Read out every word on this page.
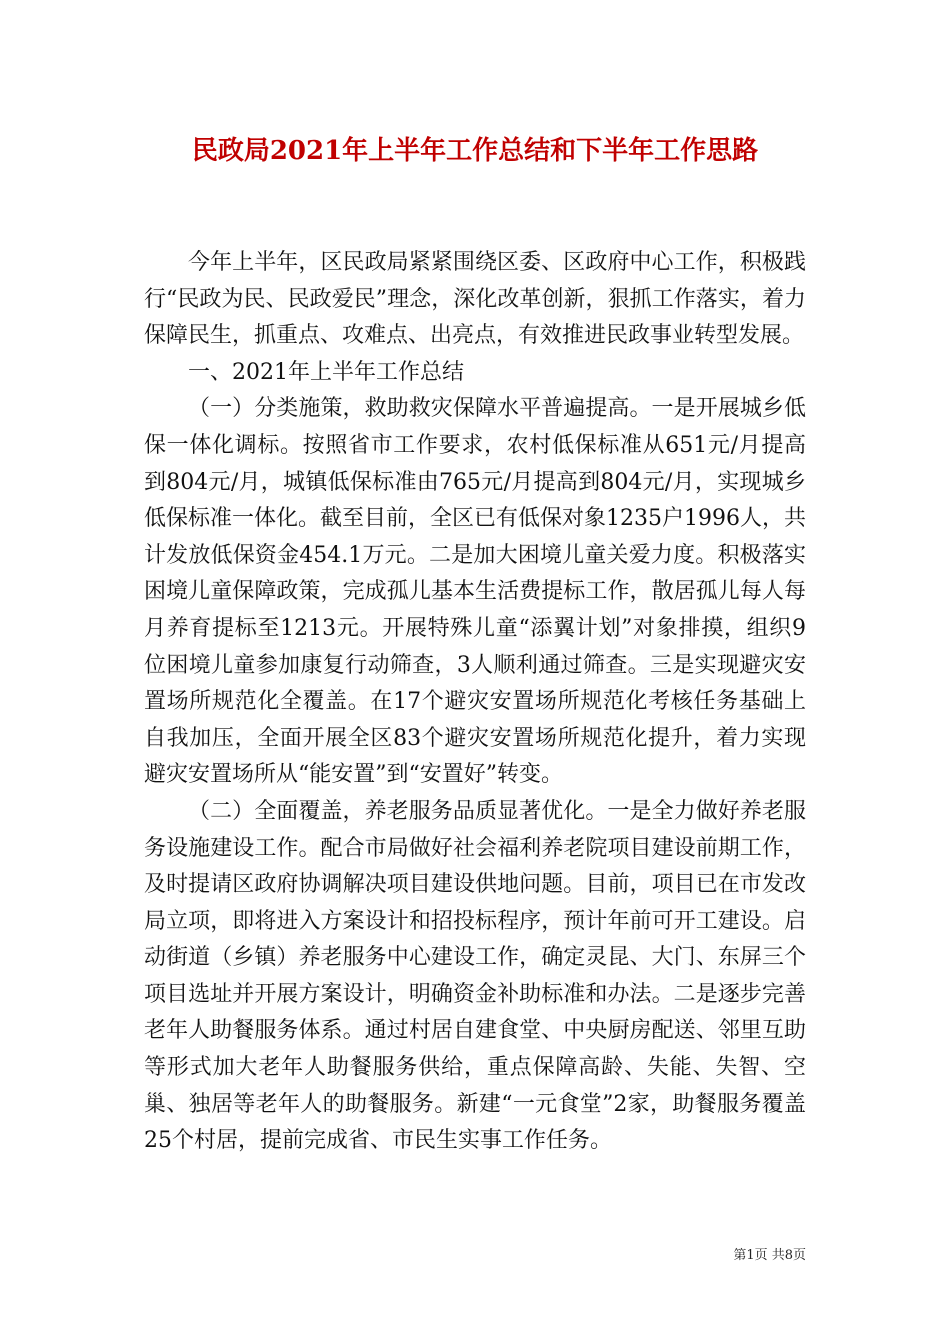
民政局2021年上半年工作总结和下半年工作思路

今年上半年，区民政局紧紧围绕区委、区政府中心工作，积极践行“民政为民、民政爱民”理念，深化改革创新，狠抓工作落实，着力保障民生，抓重点、攻难点、出亮点，有效推进民政事业转型发展。

一、2021年上半年工作总结

（一）分类施策，救助救灾保障水平普遍提高。一是开展城乡低保一体化调标。按照省市工作要求，农村低保标准从651元/月提高到804元/月，城镇低保标准由765元/月提高到804元/月，实现城乡低保标准一体化。截至目前，全区已有低保对象1235户1996人，共计发放低保资金454.1万元。二是加大困境儿童关爱力度。积极落实困境儿童保障政策，完成孤儿基本生活费提标工作，散居孤儿每人每月养育提标至1213元。开展特殊儿童“添翼计划”对象排摸，组织9位困境儿童参加康复行动筛查，3人顺利通过筛查。三是实现避灾安置场所规范化全覆盖。在17个避灾安置场所规范化考核任务基础上自我加压，全面开展全区83个避灾安置场所规范化提升，着力实现避灾安置场所从“能安置”到“安置好”转变。

（二）全面覆盖，养老服务品质显著优化。一是全力做好养老服务设施建设工作。配合市局做好社会福利养老院项目建设前期工作，及时提请区政府协调解决项目建设供地问题。目前，项目已在市发改局立项，即将进入方案设计和招投标程序，预计年前可开工建设。启动街道（乡镇）养老服务中心建设工作，确定灵昆、大门、东屏三个项目选址并开展方案设计，明确资金补助标准和办法。二是逐步完善老年人助餐服务体系。通过村居自建食堂、中央厨房配送、邻里互助等形式加大老年人助餐服务供给，重点保障高龄、失能、失智、空巢、独居等老年人的助餐服务。新建“一元食堂”2家，助餐服务覆盖25个村居，提前完成省、市民生实事工作任务。

第1页 共8页
